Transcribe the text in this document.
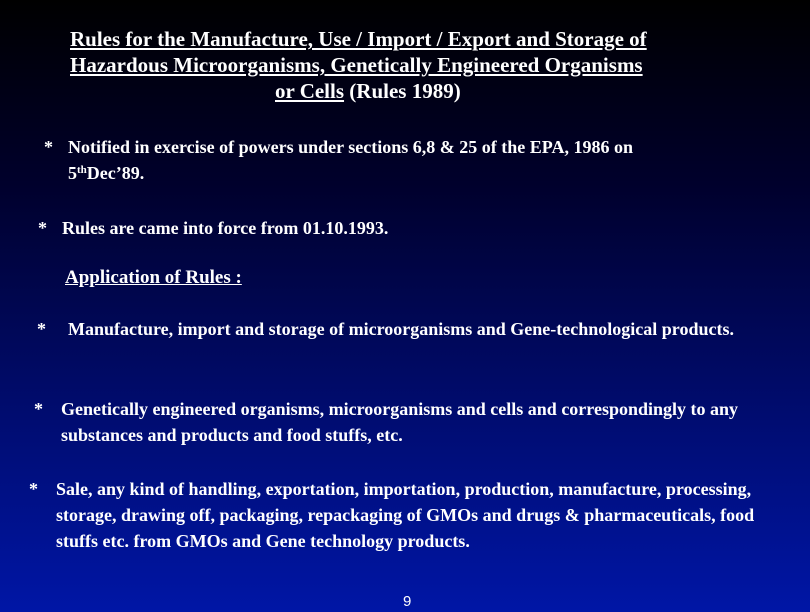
Rules for the Manufacture, Use / Import / Export and Storage of
Hazardous Microorganisms, Genetically Engineered Organisms
or Cells (Rules 1989)
* Notified in exercise of powers under sections 6,8 & 25 of the EPA, 1986 on
5thDec’89.
* Rules are came into force from 01.10.1993.
Application of Rules :
* Manufacture, import and storage of microorganisms and Gene-technological products.
* Genetically engineered organisms, microorganisms and cells and correspondingly to any substances and products and food stuffs, etc.
* Sale, any kind of handling, exportation, importation, production, manufacture, processing, storage, drawing off, packaging, repackaging of GMOs and drugs & pharmaceuticals, food stuffs etc. from GMOs and Gene technology products.
9
